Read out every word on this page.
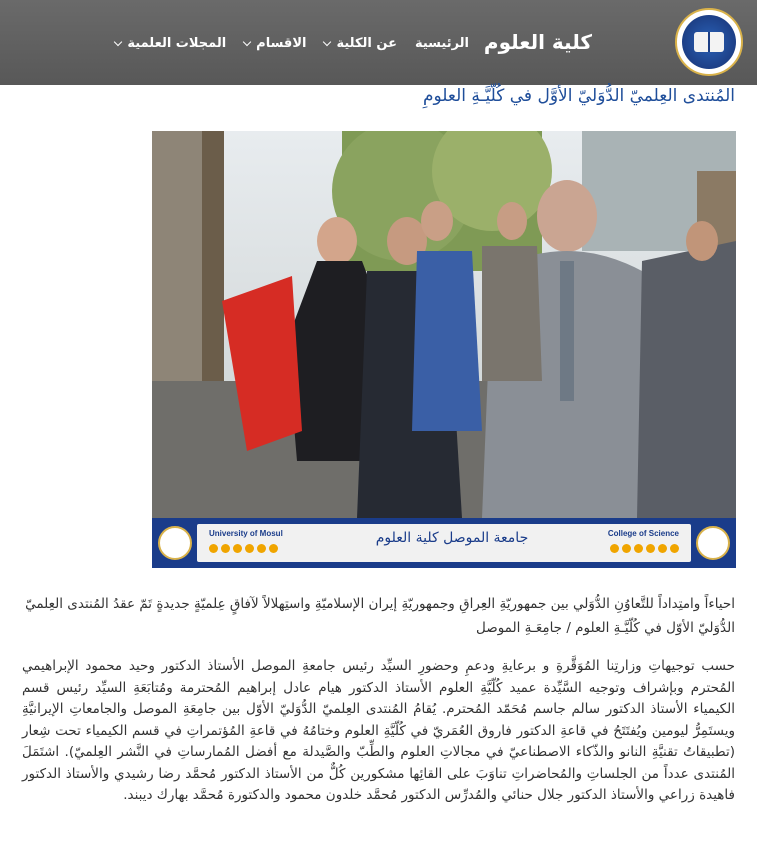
كلية العلوم
الرئيسية
عن الكلية
الاقسام
المجلات العلمية
المُنتدى العِلميّ الدُّوَليّ الأوَّل في كُلّيَّـةِ العلومِ
University of Mosul	جامعة الموصل كلية العلوم	College of Science

احياءاً وامتِداداً للتَّعاوُنِ الدُّوَلي بين جمهوريّةِ العِراقِ وجمهوريّةِ إيران الإسلاميّةِ واستِهلالاً لآفاقٍ عِلميّةٍ جديدةٍ تَمّ عقدُ المُنتدى العِلميّ الدُّوَليّ الأوّل في كُلّيَّـةِ العلوم / جامِعَـةِ الموصل

حسب توجيهاتِ وزارتِنا المُوَقَّرةِ و برعايةِ ودعمِ وحضورِ السيِّد رئيس جامعةِ الموصل الأستاذ الدكتور وحيد محمود الإبراهيمي المُحترم وبإشراف وتوجيه السَّيِّدة عميد كُلّيَّةِ العلوم الأستاذ الدكتور هيام عادل إبراهيم المُحترمة ومُتابَعَةِ السيِّد رئيس قسم الكيمياء الأستاذ الدكتور سالم جاسم مُحَمّد المُحترم. يُقامُ المُنتدى العِلميّ الدُّوَليّ الأوّل بين جامِعَةِ الموصل والجامعاتِ الإيرانيَّةِ ويستَمِرُّ ليومين ويُفتَتَحُ في قاعةِ الدكتور فاروق العُمَريّ في كُلّيَّةِ العلوم وختامُهُ في قاعةِ المُؤتمراتِ في قسم الكيمياء تحت شِعار (تطبيقاتُ تقنيَّةِ النانو والذّكاء الاصطناعيّ في مجالاتِ العلوم والطِّبّ والصَّيدلة مع أفضل المُمارساتِ في النَّشر العِلميّ). اشتَمَلَ المُنتدى عدداً من الجلساتِ والمُحاضراتِ تناوَبَ على القائِها مشكورين كُلٌّ من الأستاذ الدكتور مُحمَّد رضا رشيدي والأستاذ الدكتور فاهيدة زراعي والأستاذ الدكتور جلال حنائي والمُدرِّس الدكتور مُحمَّد خلدون محمود والدكتورة مُحمَّد بهارك ديبند.
